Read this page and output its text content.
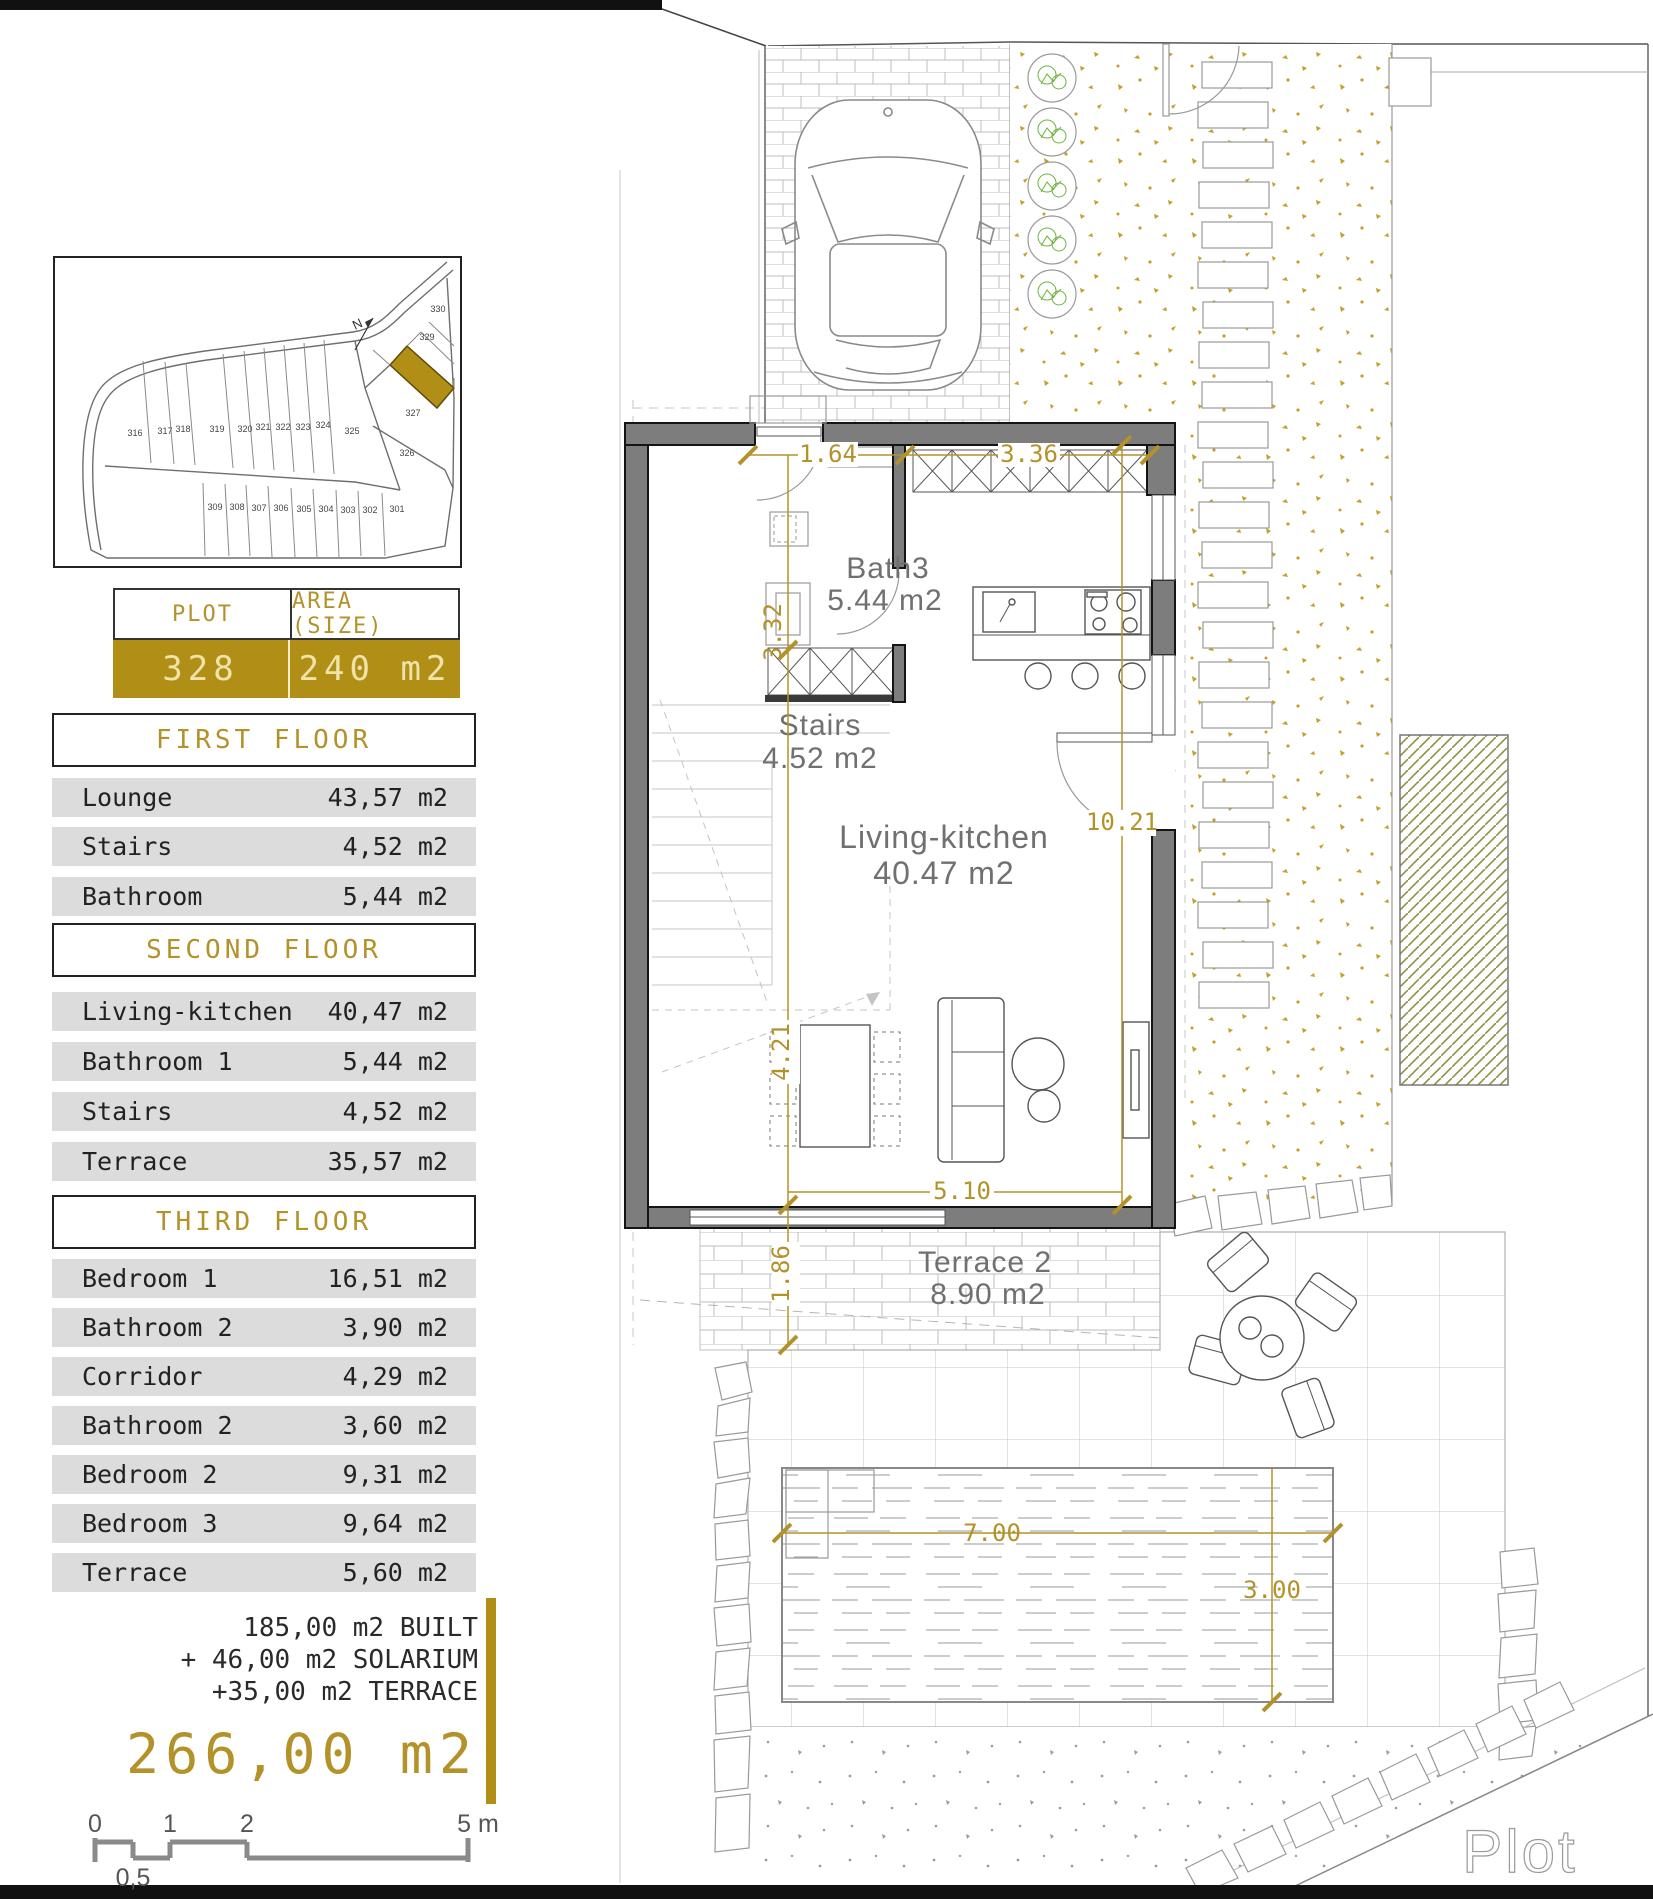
Plot
Bath3
5.44 m2
Stairs
4.52 m2
Living-kitchen
40.47 m2
Terrace 2
8.90 m2
1.64	3.36
3.32
4.21
1.86
10.21
5.10
7.00
3.00
N
316 317 318 319 320 321 322 323 324
325
330
329
327
326
309 308 307 306 305 304 303 302 301
PLOT	AREA (SIZE)
328 240 m2
FIRST FLOOR
Lounge	43,57 m2
Stairs	4,52 m2
Bathroom	5,44 m2
SECOND FLOOR
Living-kitchen 40,47 m2
Bathroom 1	5,44 m2
Stairs	4,52 m2
Terrace	35,57 m2
THIRD FLOOR
Bedroom 1	16,51 m2
Bathroom 2	3,90 m2
Corridor	4,29 m2
Bathroom 2	3,60 m2
Bedroom 2	9,31 m2
Bedroom 3	9,64 m2
Terrace	5,60 m2
185,00 m2 BUILT
+ 46,00 m2 SOLARIUM
+35,00 m2 TERRACE
266,00 m2
0 1	2	5 m
0,5
